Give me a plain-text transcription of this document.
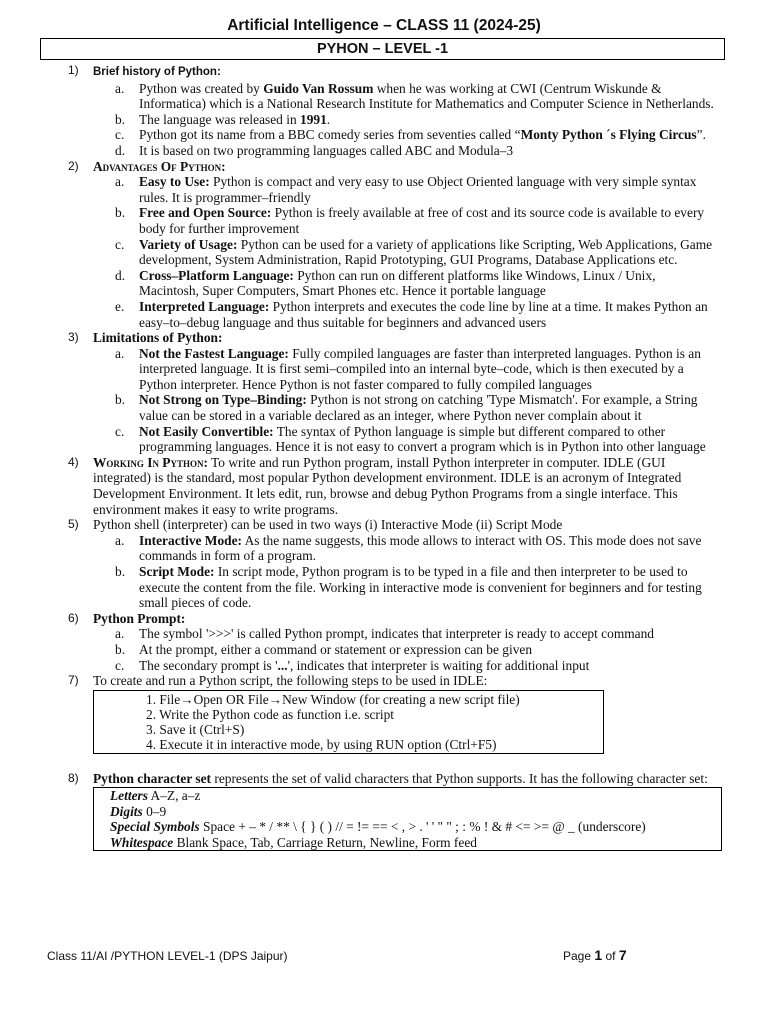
Artificial Intelligence – CLASS 11 (2024-25)
PYHON – LEVEL -1
1) Brief history of Python:
a. Python was created by Guido Van Rossum when he was working at CWI (Centrum Wiskunde & Informatica) which is a National Research Institute for Mathematics and Computer Science in Netherlands.
b. The language was released in 1991.
c. Python got its name from a BBC comedy series from seventies called “Monty Python ´s Flying Circus”.
d. It is based on two programming languages called ABC and Modula–3
2) Advantages Of Python:
a. Easy to Use: Python is compact and very easy to use Object Oriented language with very simple syntax rules. It is programmer–friendly
b. Free and Open Source: Python is freely available at free of cost and its source code is available to every body for further improvement
c. Variety of Usage: Python can be used for a variety of applications like Scripting, Web Applications, Game development, System Administration, Rapid Prototyping, GUI Programs, Database Applications etc.
d. Cross–Platform Language: Python can run on different platforms like Windows, Linux / Unix, Macintosh, Super Computers, Smart Phones etc. Hence it portable language
e. Interpreted Language: Python interprets and executes the code line by line at a time. It makes Python an easy–to–debug language and thus suitable for beginners and advanced users
3) Limitations of Python:
a. Not the Fastest Language: Fully compiled languages are faster than interpreted languages. Python is an interpreted language. It is first semi–compiled into an internal byte–code, which is then executed by a Python interpreter. Hence Python is not faster compared to fully compiled languages
b. Not Strong on Type–Binding: Python is not strong on catching 'Type Mismatch'. For example, a String value can be stored in a variable declared as an integer, where Python never complain about it
c. Not Easily Convertible: The syntax of Python language is simple but different compared to other programming languages. Hence it is not easy to convert a program which is in Python into other language
4) Working In Python: To write and run Python program, install Python interpreter in computer. IDLE (GUI integrated) is the standard, most popular Python development environment. IDLE is an acronym of Integrated Development Environment. It lets edit, run, browse and debug Python Programs from a single interface. This environment makes it easy to write programs.
5) Python shell (interpreter) can be used in two ways (i) Interactive Mode (ii) Script Mode
a. Interactive Mode: As the name suggests, this mode allows to interact with OS. This mode does not save commands in form of a program.
b. Script Mode: In script mode, Python program is to be typed in a file and then interpreter to be used to execute the content from the file. Working in interactive mode is convenient for beginners and for testing small pieces of code.
6) Python Prompt:
a. The symbol '>>>' is called Python prompt, indicates that interpreter is ready to accept command
b. At the prompt, either a command or statement or expression can be given
c. The secondary prompt is '...', indicates that interpreter is waiting for additional input
7) To create and run a Python script, the following steps to be used in IDLE:
1. File→Open OR File→New Window (for creating a new script file)
2. Write the Python code as function i.e. script
3. Save it (Ctrl+S)
4. Execute it in interactive mode, by using RUN option (Ctrl+F5)
8) Python character set represents the set of valid characters that Python supports. It has the following character set:
Letters A–Z, a–z
Digits 0–9
Special Symbols Space + – * / ** \ { } ( ) // = != == < , > . ' ' " " ; : % ! & # <= >= @ _ (underscore)
Whitespace Blank Space, Tab, Carriage Return, Newline, Form feed
Class 11/AI /PYTHON LEVEL-1 (DPS Jaipur)	Page 1 of 7
